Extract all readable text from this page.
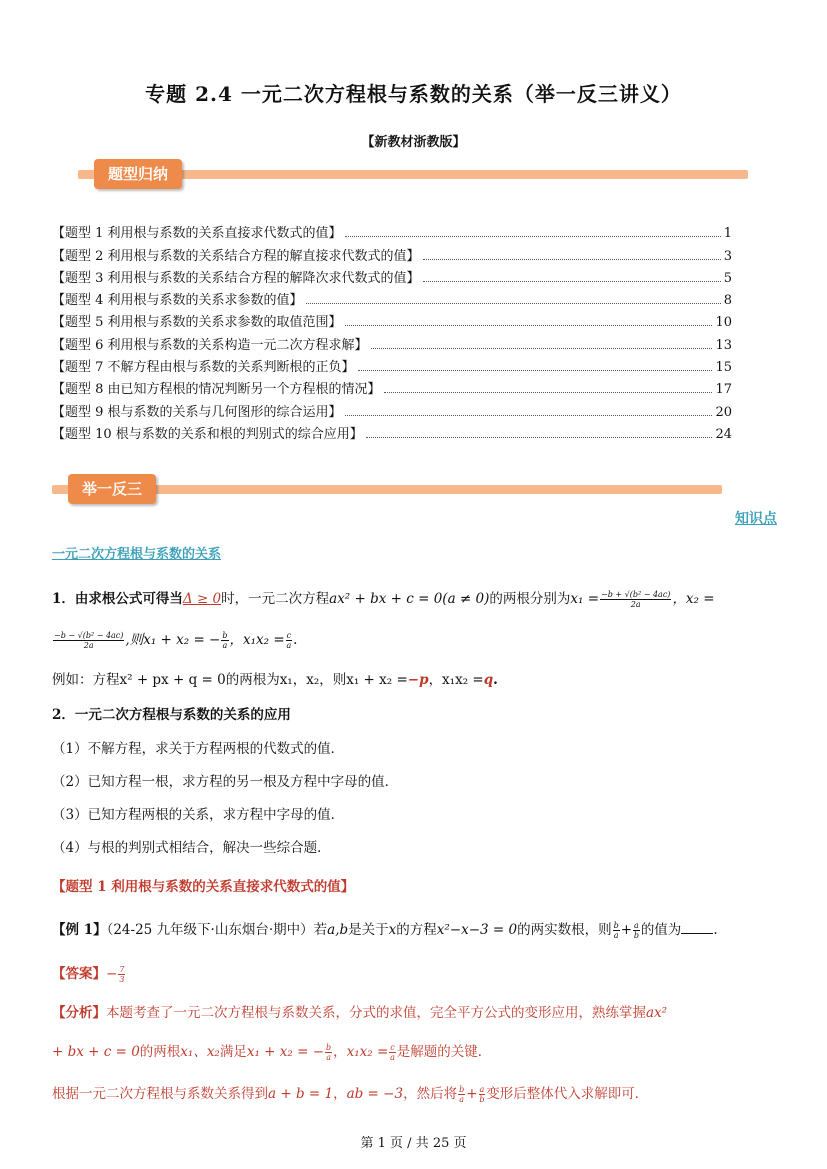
专题 2.4 一元二次方程根与系数的关系（举一反三讲义）
【新教材浙教版】
题型归纳
【题型 1 利用根与系数的关系直接求代数式的值】	1
【题型 2 利用根与系数的关系结合方程的解直接求代数式的值】	3
【题型 3 利用根与系数的关系结合方程的解降次求代数式的值】	5
【题型 4 利用根与系数的关系求参数的值】	8
【题型 5 利用根与系数的关系求参数的取值范围】	10
【题型 6 利用根与系数的关系构造一元二次方程求解】	13
【题型 7 不解方程由根与系数的关系判断根的正负】	15
【题型 8 由已知方程根的情况判断另一个方程根的情况】	17
【题型 9 根与系数的关系与几何图形的综合运用】	20
【题型 10 根与系数的关系和根的判别式的综合应用】	24
举一反三
知识点
一元二次方程根与系数的关系
1．由求根公式可得当Δ ≥ 0时，一元二次方程ax² + bx + c = 0(a ≠ 0)的两根分别为$x_1 = \frac{\text{−b + √(b² − 4ac)}}{2a}$ ，x₂ =
$\frac{\text{−b − √(b² − 4ac)}}{2a}$ ,则x₁ + x₂ = − $\frac{b}{a}$ ，$x_1x_2 = \frac{c}{a}$ .
例如：方程x² + px + q = 0的两根为x₁，x₂，则x₁ + x₂ =−p，x₁x₂ =q.
2．一元二次方程根与系数的关系的应用
（1）不解方程，求关于方程两根的代数式的值．
（2）已知方程一根，求方程的另一根及方程中字母的值．
（3）已知方程两根的关系，求方程中字母的值．
（4）与根的判别式相结合，解决一些综合题．
【题型 1 利用根与系数的关系直接求代数式的值】
【例 1】（24-25 九年级下·山东烟台·期中）若a,b是关于x的方程x²−x−3 = 0的两实数根，则 $\frac{b}{a} + \frac{a}{b}$ 的值为 .
【答案】− $\frac{7}{3}$
【分析】本题考查了一元二次方程根与系数关系，分式的求值，完全平方公式的变形应用，熟练掌握ax²
+ bx + c = 0的两根x₁、x₂满足x₁ + x₂ = − $\frac{b}{a}$ ，$x_1x_2 = \frac{c}{a}$ 是解题的关键．
根据一元二次方程根与系数关系得到a + b = 1，ab = −3，然后将 $\frac{b}{a} + \frac{a}{b}$ 变形后整体代入求解即可．
第 1 页 / 共 25 页
